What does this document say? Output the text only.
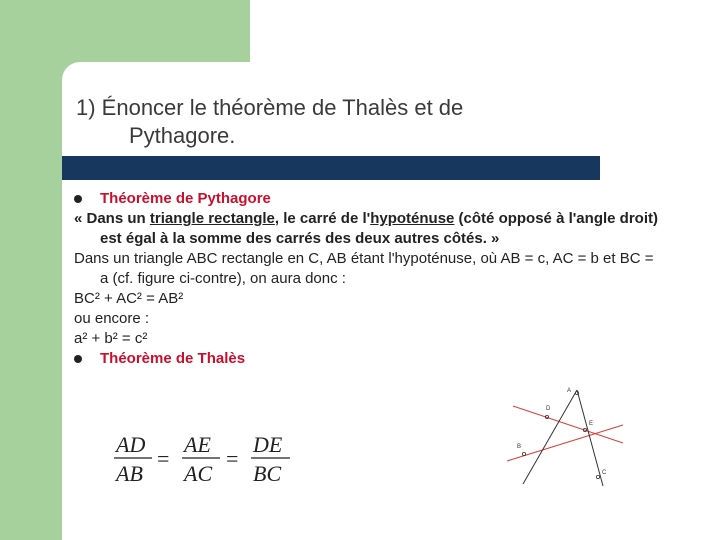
1) Énoncer le théorème de Thalès et de
Pythagore.

Théorème de Pythagore

« Dans un triangle rectangle, le carré de l'hypoténuse (côté opposé à l'angle droit) est égal à la somme des carrés des deux autres côtés. »

Dans un triangle ABC rectangle en C, AB étant l'hypoténuse, où AB = c, AC = b et BC = a (cf. figure ci-contre), on aura donc :

BC² + AC² = AB²

ou encore :

a² + b² = c²

Théorème de Thalès

AD
AB
=
AE
AC
=
DE
BC
A
D
E
B
C
